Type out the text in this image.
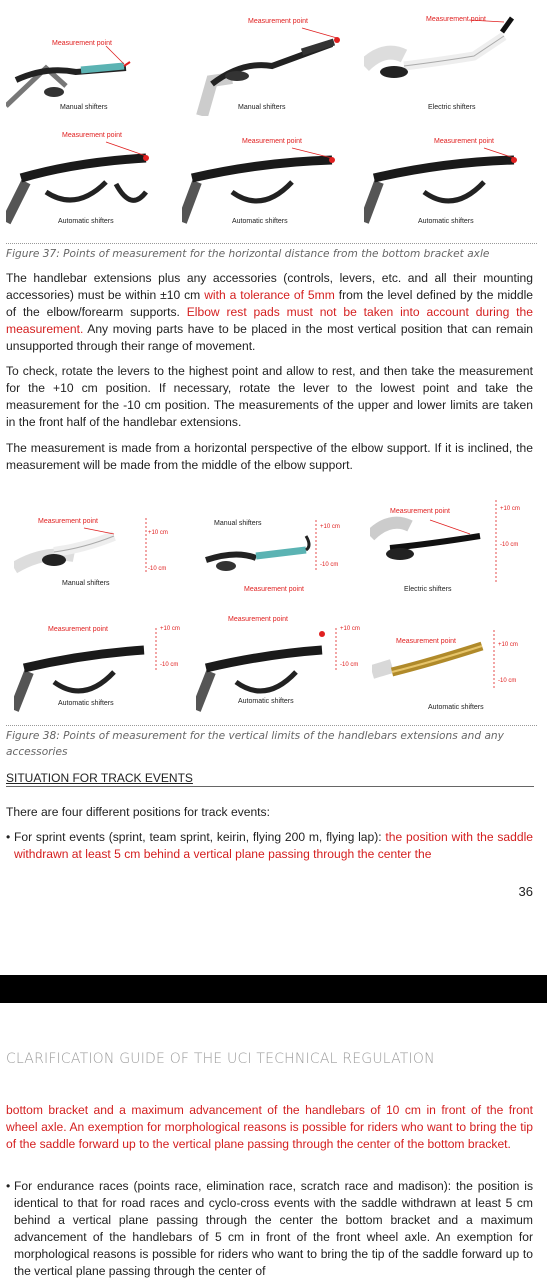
Measurement point
Manual shifters
Measurement point
Manual shifters
Measurement point
Electric shifters
Measurement point
Automatic shifters
Measurement point
Automatic shifters
Measurement point
Automatic shifters
Figure 37: Points of measurement for the horizontal distance from the bottom bracket axle
The handlebar extensions plus any accessories (controls, levers, etc. and all their mounting accessories) must be within ±10 cm with a tolerance of 5mm from the level defined by the middle of the elbow/forearm supports. Elbow rest pads must not be taken into account during the measurement. Any moving parts have to be placed in the most vertical position that can remain unsupported through their range of movement.
To check, rotate the levers to the highest point and allow to rest, and then take the measurement for the +10 cm position. If necessary, rotate the lever to the lowest point and take the measurement for the -10 cm position. The measurements of the upper and lower limits are taken in the front half of the handlebar extensions.
The measurement is made from a horizontal perspective of the elbow support. If it is inclined, the measurement will be made from the middle of the elbow support.
Measurement point
+10 cm
-10 cm
Manual shifters
Manual shifters	+10 cm
-10 cm
Measurement point
Measurement point	+10 cm
-10 cm
Electric shifters
Measurement point	+10 cm
-10 cm
Automatic shifters
Measurement point
+10 cm
-10 cm
Automatic shifters
Measurement point	+10 cm
-10 cm
Automatic shifters
Figure 38: Points of measurement for the vertical limits of the handlebars extensions and any
accessories
SITUATION FOR TRACK EVENTS
There are four different positions for track events:
• For sprint events (sprint, team sprint, keirin, flying 200 m, flying lap): the position with the saddle withdrawn at least 5 cm behind a vertical plane passing through the center the
36
CLARIFICATION GUIDE OF THE UCI TECHNICAL REGULATION
bottom bracket and a maximum advancement of the handlebars of 10 cm in front of the front wheel axle. An exemption for morphological reasons is possible for riders who want to bring the tip of the saddle forward up to the vertical plane passing through the center of the bottom bracket.
• For endurance races (points race, elimination race, scratch race and madison): the position is identical to that for road races and cyclo-cross events with the saddle withdrawn at least 5 cm behind a vertical plane passing through the center the bottom bracket and a maximum advancement of the handlebars of 5 cm in front of the front wheel axle. An exemption for morphological reasons is possible for riders who want to bring the tip of the saddle forward up to the vertical plane passing through the center of
